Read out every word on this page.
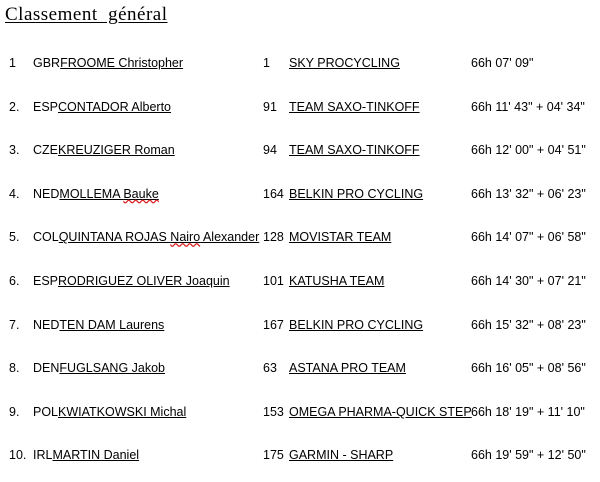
Classement  général
1 GBRFROOME Christopher	1 SKY PROCYCLING	66h 07' 09"
2. ESPCONTADOR Alberto	91 TEAM SAXO-TINKOFF	66h 11' 43" + 04' 34"
3. CZEKREUZIGER Roman	94 TEAM SAXO-TINKOFF	66h 12' 00" + 04' 51"
4. NEDMOLLEMA Bauke	164 BELKIN PRO CYCLING	66h 13' 32" + 06' 23"
5. COLQUINTANA ROJAS Nairo Alexander 128 MOVISTAR TEAM	66h 14' 07" + 06' 58"
6. ESPRODRIGUEZ OLIVER Joaquin	101 KATUSHA TEAM	66h 14' 30" + 07' 21"
7. NEDTEN DAM Laurens	167 BELKIN PRO CYCLING	66h 15' 32" + 08' 23"
8. DENFUGLSANG Jakob	63 ASTANA PRO TEAM	66h 16' 05" + 08' 56"
9. POLKWIATKOWSKI Michal	153 OMEGA PHARMA-QUICK STEP 66h 18' 19" + 11' 10"
10. IRLMARTIN Daniel	175 GARMIN - SHARP	66h 19' 59" + 12' 50"
